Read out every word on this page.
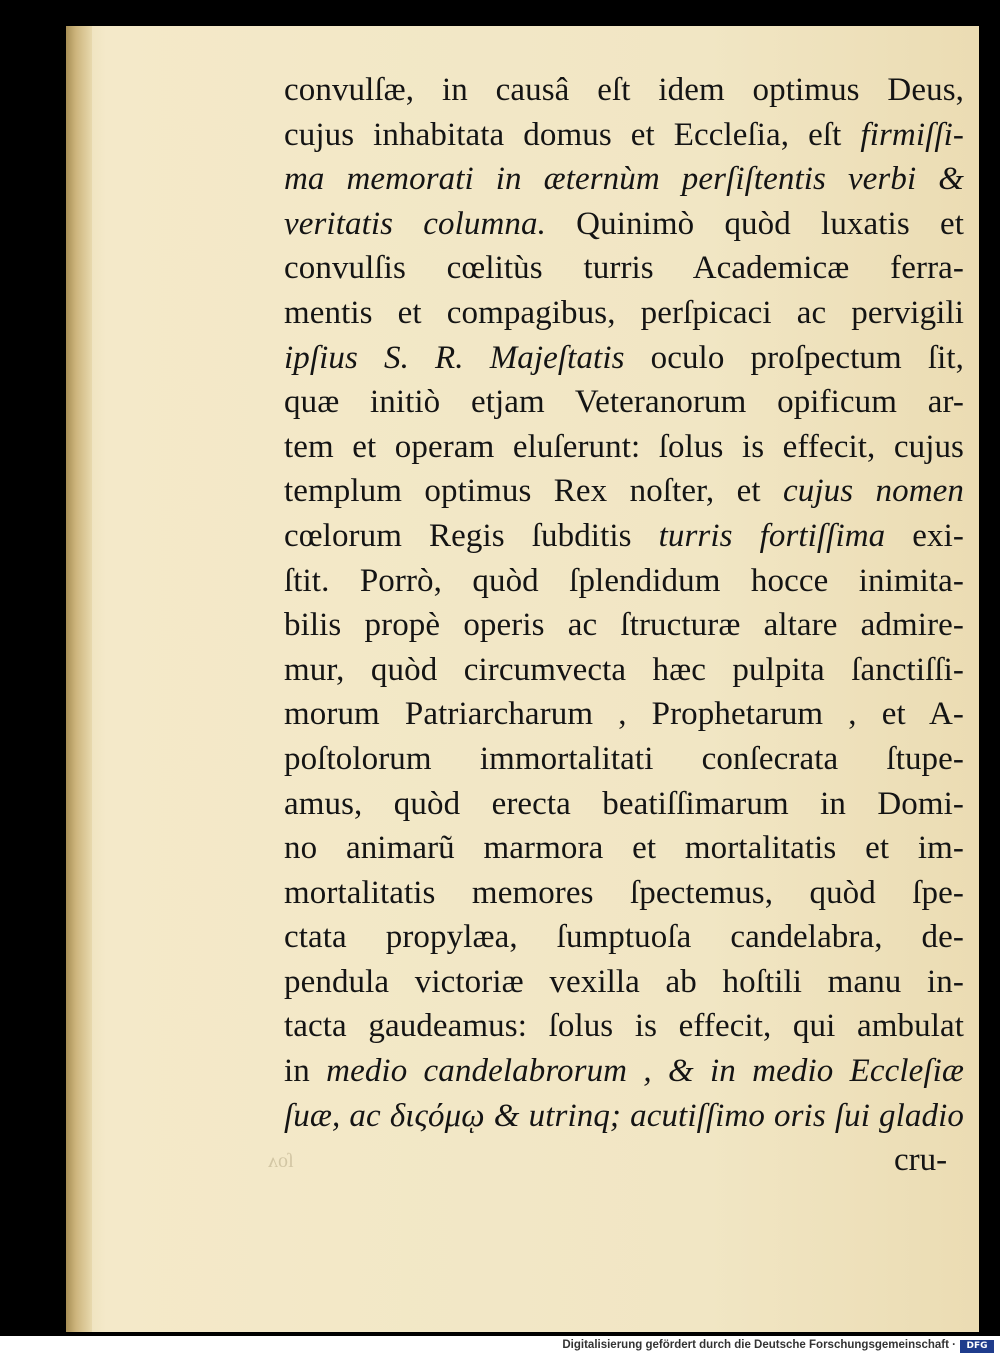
convulſæ, in causâ eſt idem optimus Deus,
cujus inhabitata domus et Eccleſia, eſt firmiſſi-
ma memorati in æternùm perſiſtentis verbi &
veritatis columna. Quinimò quòd luxatis et
convulſis cœlitùs turris Academicæ ferra-
mentis et compagibus, perſpicaci ac pervigili
ipſius S. R. Majeſtatis oculo proſpectum ſit,
quæ initiò etjam Veteranorum opificum ar-
tem et operam eluſerunt: ſolus is effecit, cujus
templum optimus Rex noſter, et cujus nomen
cœlorum Regis ſubditis turris fortiſſima exi-
ſtit. Porrò, quòd ſplendidum hocce inimita-
bilis propè operis ac ſtructuræ altare admire-
mur, quòd circumvecta hæc pulpita ſanctiſſi-
morum Patriarcharum , Prophetarum , et A-
poſtolorum immortalitati conſecrata ſtupe-
amus, quòd erecta beatiſſimarum in Domi-
no animarũ marmora et mortalitatis et im-
mortalitatis memores ſpectemus, quòd ſpe-
ctata propylæa, ſumptuoſa candelabra, de-
pendula victoriæ vexilla ab hoſtili manu in-
tacta gaudeamus: ſolus is effecit, qui ambulat
in medio candelabrorum , & in medio Eccleſiæ
ſuæ, ac διςόμῳ & utrinq; acutiſſimo oris ſui gladio
ſoʌ	cru-
Digitalisierung gefördert durch die Deutsche Forschungsgemeinschaft ·	DFG
